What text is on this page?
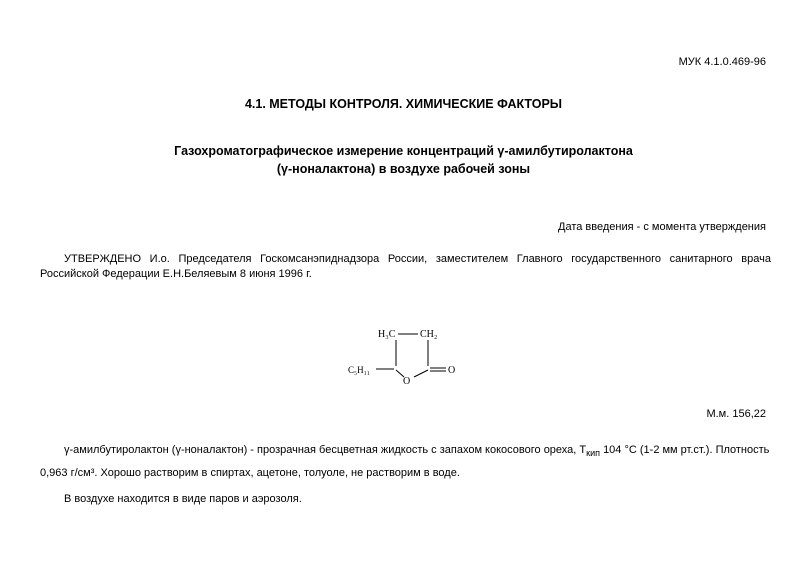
МУК 4.1.0.469-96
4.1. МЕТОДЫ КОНТРОЛЯ. ХИМИЧЕСКИЕ ФАКТОРЫ
Газохроматографическое измерение концентраций γ-амилбутиролактона
(γ-ноналактона) в воздухе рабочей зоны
Дата введения - с момента утверждения
УТВЕРЖДЕНО И.о. Председателя Госкомсанэпиднадзора России, заместителем Главного государственного санитарного врача
Российской Федерации Е.Н.Беляевым 8 июня 1996 г.
H₃C CH₂
C₅H₁₁
O
O
М.м. 156,22
γ-амилбутиролактон (γ-ноналактон) - прозрачная бесцветная жидкость с запахом кокосового ореха, $Т_{кип}$ 104 °С (1-2 мм рт.ст.). Плотность
0,963 г/см³. Хорошо растворим в спиртах, ацетоне, толуоле, не растворим в воде.
В воздухе находится в виде паров и аэрозоля.
